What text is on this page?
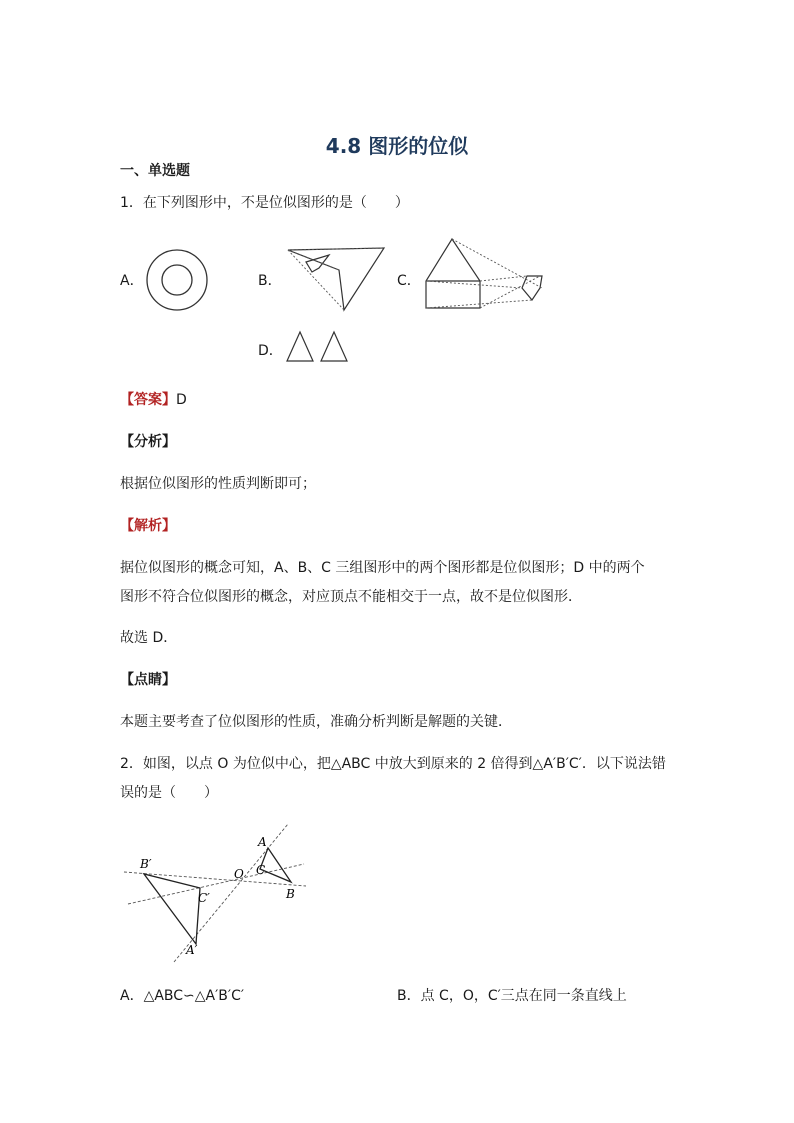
4.8 图形的位似
一、单选题
1．在下列图形中，不是位似图形的是（　　）
A．	B．	C．
D．
【答案】D
【分析】
根据位似图形的性质判断即可；
【解析】
据位似图形的概念可知，A、B、C 三组图形中的两个图形都是位似图形；D 中的两个
图形不符合位似图形的概念，对应顶点不能相交于一点，故不是位似图形．
故选 D．
【点睛】
本题主要考查了位似图形的性质，准确分析判断是解题的关键．
2．如图，以点 O 为位似中心，把△ABC 中放大到原来的 2 倍得到△A′B′C′．以下说法错
误的是（　　）
B′
C′
A′
O
A
C
B
A．△ABC∽△A′B′C′	B．点 C，O，C′三点在同一条直线上
